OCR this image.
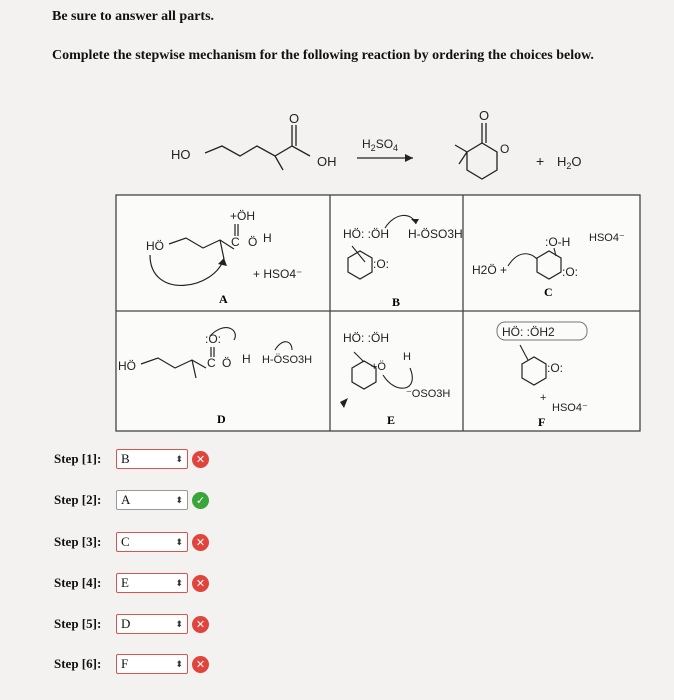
Be sure to answer all parts.
Complete the stepwise mechanism for the following reaction by ordering the choices below.
HO
O
OH
$H_2SO_4$
O
O
+ $H_2O$
HÖ
+ÖH
C Ö H
+ HSO4⁻
A
HÖ: :ÖH H-ÖSO3H
:O:
B
H2Ö +
:O-H HSO4⁻
:O:
C
HÖ
:O:
C Ö H H-ÖSO3H
D
HÖ: :ÖH
+Ö
H
⁻OSO3H
E
HÖ: :ÖH2
:O:
+
HSO4⁻
F
Step [1]:	B	⬍	✕
Step [2]:	A	⬍	✓
Step [3]:	C	⬍	✕
Step [4]:	E	⬍	✕
Step [5]:	D	⬍	✕
Step [6]:	F	⬍	✕
